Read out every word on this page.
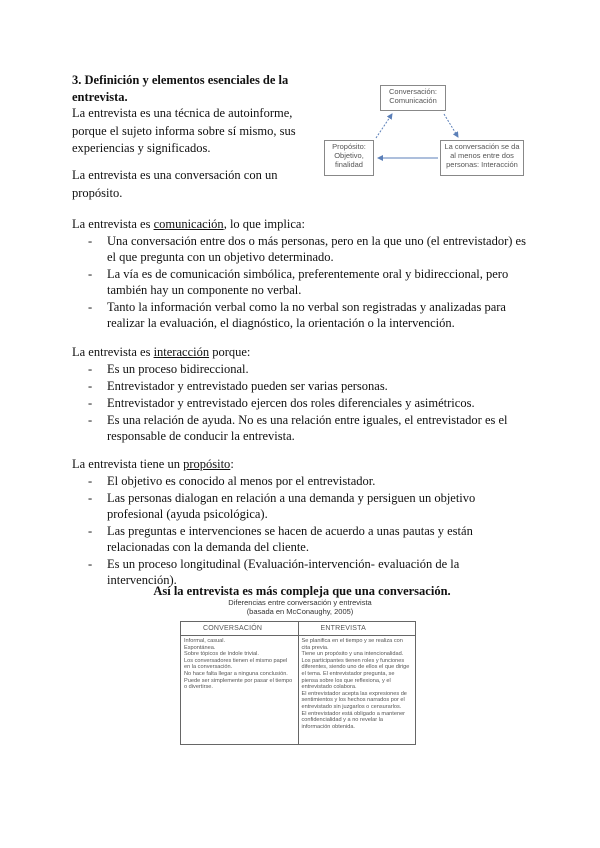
3. Definición y elementos esenciales de la entrevista.
La entrevista es una técnica de autoinforme, porque el sujeto informa sobre sí mismo, sus experiencias y significados.
La entrevista es una conversación con un propósito.
Conversación: Comunicación
Propósito: Objetivo, finalidad
La conversación se da al menos entre dos personas: Interacción
La entrevista es comunicación, lo que implica:
- Una conversación entre dos o más personas, pero en la que uno (el entrevistador) es el que pregunta con un objetivo determinado.
- La vía es de comunicación simbólica, preferentemente oral y bidireccional, pero también hay un componente no verbal.
- Tanto la información verbal como la no verbal son registradas y analizadas para realizar la evaluación, el diagnóstico, la orientación o la intervención.
La entrevista es interacción porque:
- Es un proceso bidireccional.
- Entrevistador y entrevistado pueden ser varias personas.
- Entrevistador y entrevistado ejercen dos roles diferenciales y asimétricos.
- Es una relación de ayuda. No es una relación entre iguales, el entrevistador es el responsable de conducir la entrevista.
La entrevista tiene un propósito:
- El objetivo es conocido al menos por el entrevistador.
- Las personas dialogan en relación a una demanda y persiguen un objetivo profesional (ayuda psicológica).
- Las preguntas e intervenciones se hacen de acuerdo a unas pautas y están relacionadas con la demanda del cliente.
- Es un proceso longitudinal (Evaluación-intervención- evaluación de la intervención).
Así la entrevista es más compleja que una conversación.
Diferencias entre conversación y entrevista
(basada en McConaughy, 2005)
CONVERSACIÓN	ENTREVISTA
Informal, casual.
Espontánea.
Sobre tópicos de índole trivial.
Los conversadores tienen el mismo papel en la conversación.
No hace falta llegar a ninguna conclusión.
Puede ser simplemente por pasar el tiempo o divertirse.
Se planifica en el tiempo y se realiza con cita previa.
Tiene un propósito y una intencionalidad.
Los participantes tienen roles y funciones diferentes, siendo uno de ellos el que dirige el tema. El entrevistador pregunta, se piensa sobre los que reflexiona, y el entrevistado colabora.
El entrevistador acepta las expresiones de sentimientos y los hechos narrados por el entrevistado sin juzgarlos o censurarlos.
El entrevistador está obligado a mantener confidencialidad y a no revelar la información obtenida.
